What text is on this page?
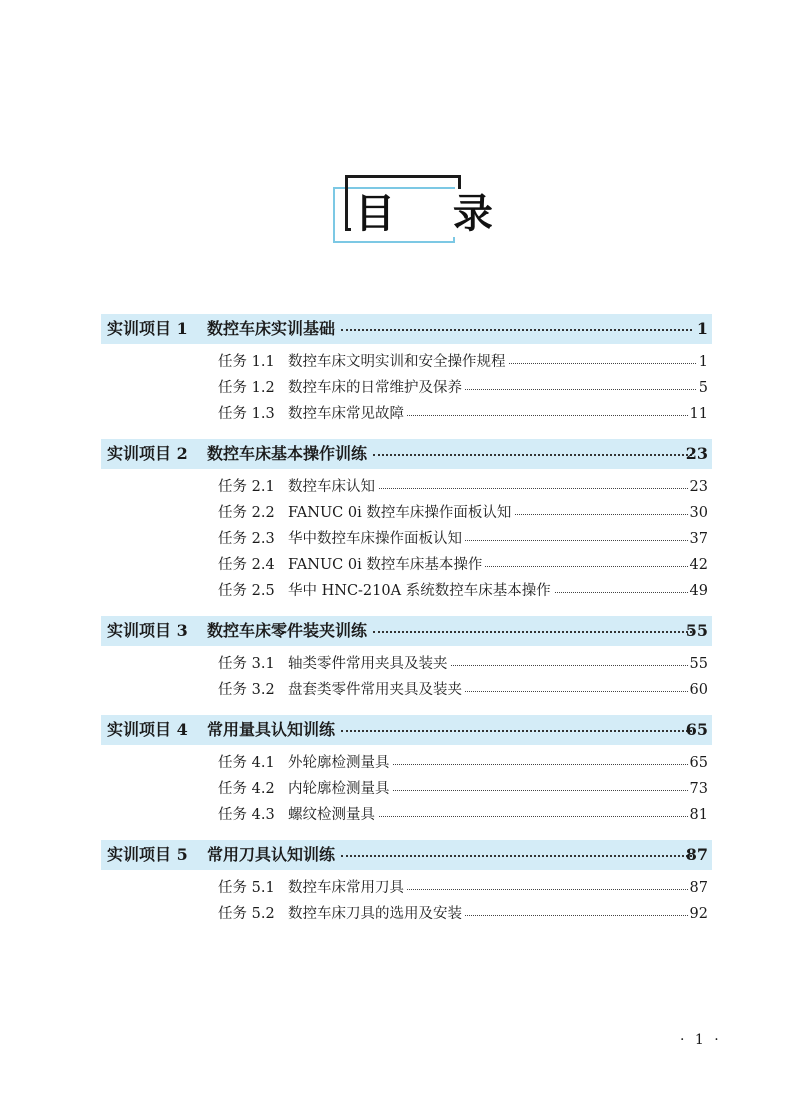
目 录
实训项目 1	数控车床实训基础	1
任务 1.1 数控车床文明实训和安全操作规程	1
任务 1.2 数控车床的日常维护及保养	5
任务 1.3 数控车床常见故障	11
实训项目 2	数控车床基本操作训练	23
任务 2.1 数控车床认知	23
任务 2.2 FANUC 0i 数控车床操作面板认知	30
任务 2.3 华中数控车床操作面板认知	37
任务 2.4 FANUC 0i 数控车床基本操作	42
任务 2.5 华中 HNC-210A 系统数控车床基本操作	49
实训项目 3	数控车床零件装夹训练	55
任务 3.1 轴类零件常用夹具及装夹	55
任务 3.2 盘套类零件常用夹具及装夹	60
实训项目 4	常用量具认知训练	65
任务 4.1 外轮廓检测量具	65
任务 4.2 内轮廓检测量具	73
任务 4.3 螺纹检测量具	81
实训项目 5	常用刀具认知训练	87
任务 5.1 数控车床常用刀具	87
任务 5.2 数控车床刀具的选用及安装	92
· 1 ·
